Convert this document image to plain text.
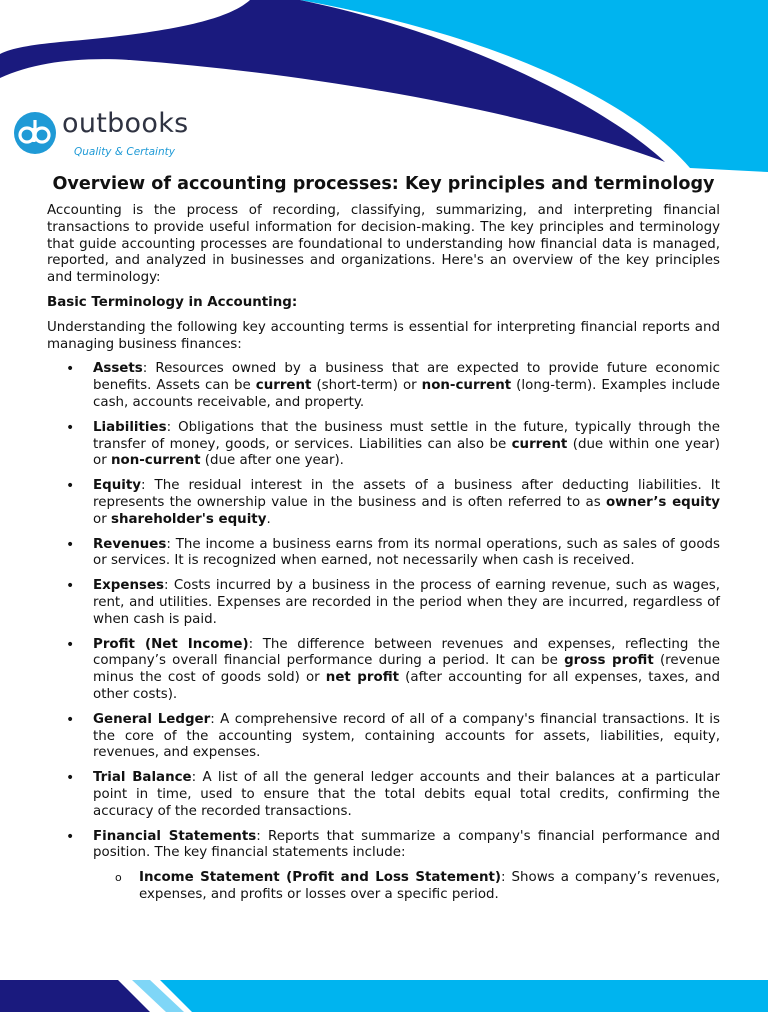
outbooks
Quality & Certainty
Overview of accounting processes: Key principles and terminology

Accounting is the process of recording, classifying, summarizing, and interpreting financial transactions to provide useful information for decision-making. The key principles and terminology that guide accounting processes are foundational to understanding how financial data is managed, reported, and analyzed in businesses and organizations. Here's an overview of the key principles and terminology:

Basic Terminology in Accounting:

Understanding the following key accounting terms is essential for interpreting financial reports and managing business finances:

• Assets: Resources owned by a business that are expected to provide future economic benefits. Assets can be current (short-term) or non-current (long-term). Examples include cash, accounts receivable, and property.
• Liabilities: Obligations that the business must settle in the future, typically through the transfer of money, goods, or services. Liabilities can also be current (due within one year) or non-current (due after one year).
• Equity: The residual interest in the assets of a business after deducting liabilities. It represents the ownership value in the business and is often referred to as owner’s equity or shareholder's equity.
• Revenues: The income a business earns from its normal operations, such as sales of goods or services. It is recognized when earned, not necessarily when cash is received.
• Expenses: Costs incurred by a business in the process of earning revenue, such as wages, rent, and utilities. Expenses are recorded in the period when they are incurred, regardless of when cash is paid.
• Profit (Net Income): The difference between revenues and expenses, reflecting the company’s overall financial performance during a period. It can be gross profit (revenue minus the cost of goods sold) or net profit (after accounting for all expenses, taxes, and other costs).
• General Ledger: A comprehensive record of all of a company's financial transactions. It is the core of the accounting system, containing accounts for assets, liabilities, equity, revenues, and expenses.
• Trial Balance: A list of all the general ledger accounts and their balances at a particular point in time, used to ensure that the total debits equal total credits, confirming the accuracy of the recorded transactions.
• Financial Statements: Reports that summarize a company's financial performance and position. The key financial statements include:
o Income Statement (Profit and Loss Statement): Shows a company’s revenues, expenses, and profits or losses over a specific period.
